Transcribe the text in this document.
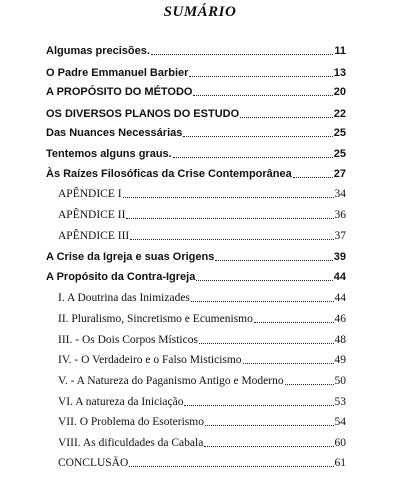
SUMÁRIO
Algumas precisões.	11
O Padre Emmanuel Barbier	13
A PROPÓSITO DO MÉTODO	20
OS DIVERSOS PLANOS DO ESTUDO	22
Das Nuances Necessárias	25
Tentemos alguns graus.	25
Às Raízes Filosóficas da Crise Contemporânea	27
APÊNDICE I	34
APÊNDICE II	36
APÊNDICE III	37
A Crise da Igreja e suas Origens	39
A Propósito da Contra-Igreja	44
I. A Doutrina das Inimizades	44
II. Pluralismo, Sincretismo e Ecumenismo	46
III. - Os Dois Corpos Místicos	48
IV. - O Verdadeiro e o Falso Misticismo	49
V. - A Natureza do Paganismo Antigo e Moderno	50
VI. A natureza da Iniciação	53
VII. O Problema do Esoterismo	54
VIII. As dificuldades da Cabala	60
CONCLUSÃO	61
